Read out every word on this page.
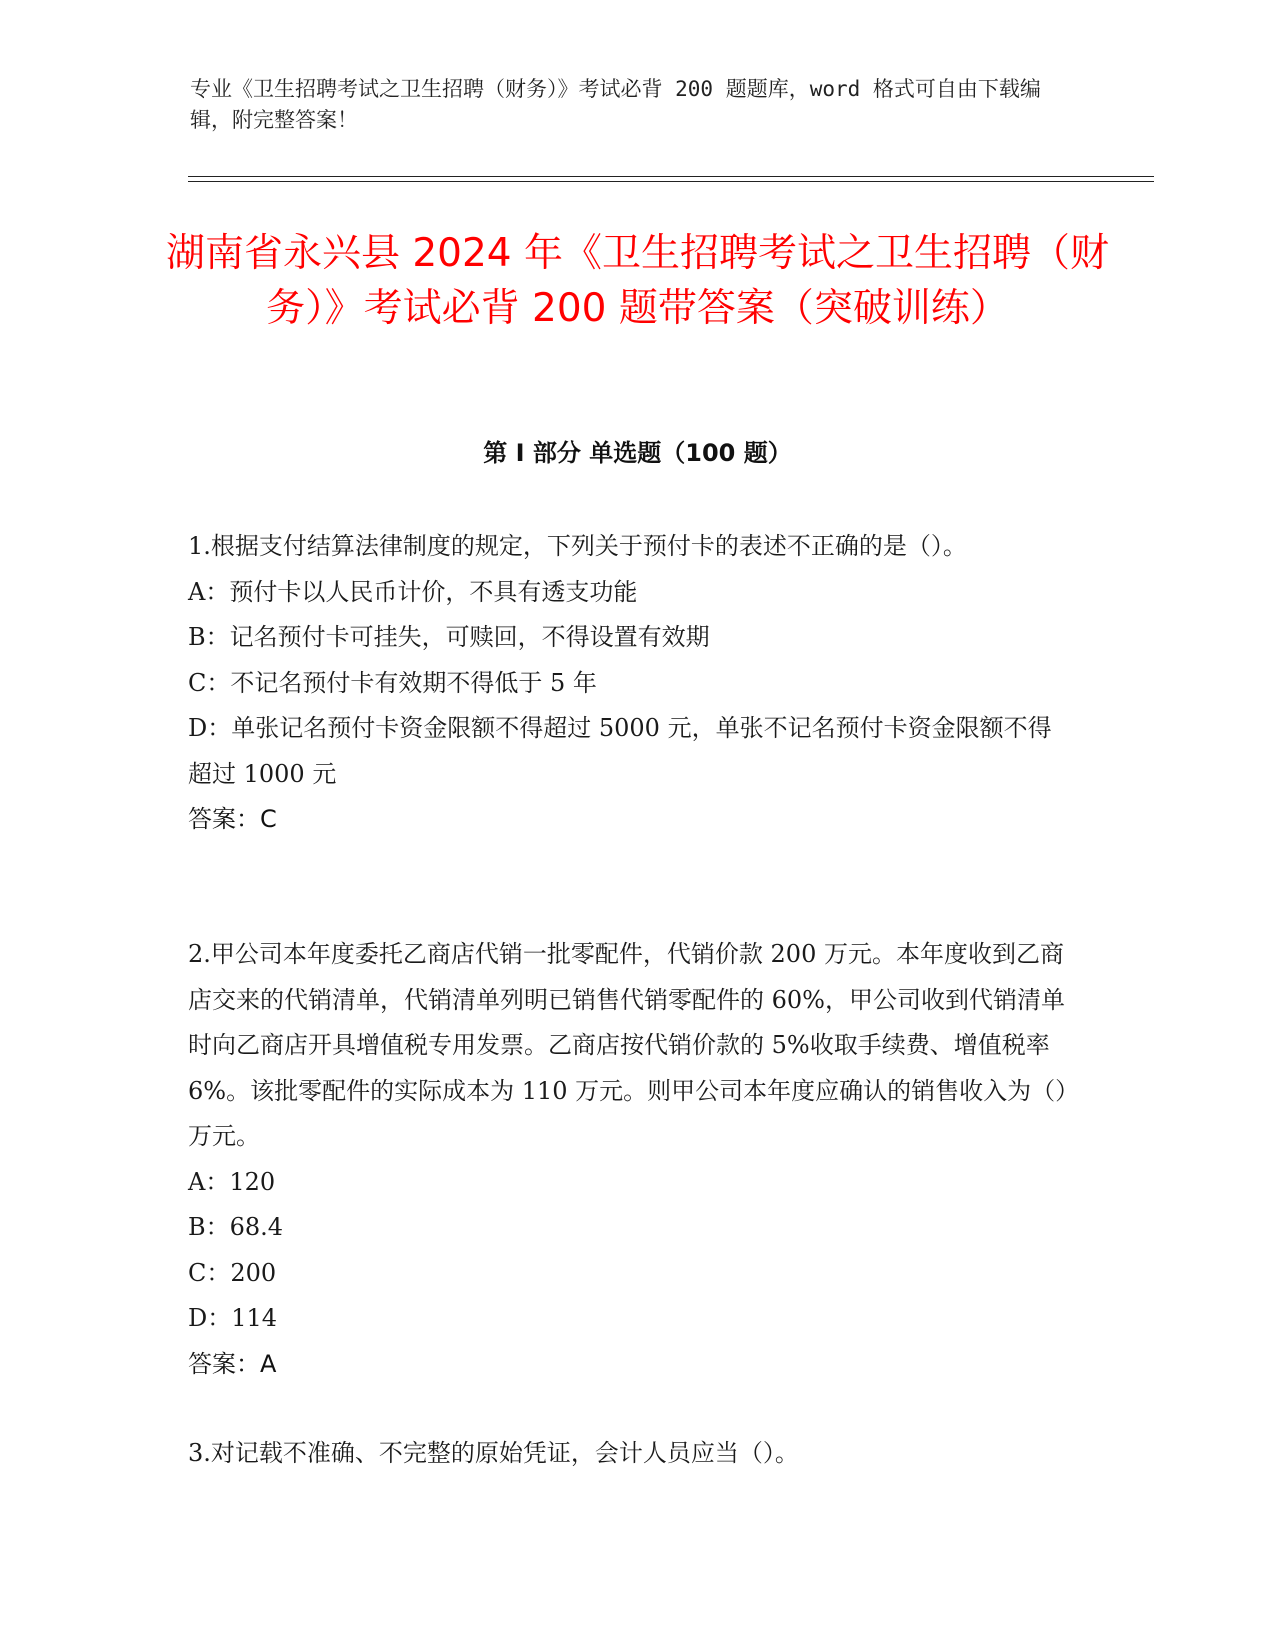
专业《卫生招聘考试之卫生招聘（财务）》考试必背 200 题题库，word 格式可自由下载编辑，附完整答案！
湖南省永兴县 2024 年《卫生招聘考试之卫生招聘（财务）》考试必背 200 题带答案（突破训练）
第 I 部分 单选题（100 题）

1.根据支付结算法律制度的规定，下列关于预付卡的表述不正确的是（）。

A：预付卡以人民币计价，不具有透支功能

B：记名预付卡可挂失，可赎回，不得设置有效期

C：不记名预付卡有效期不得低于 5 年

D：单张记名预付卡资金限额不得超过 5000 元，单张不记名预付卡资金限额不得超过 1000 元

答案：C

2.甲公司本年度委托乙商店代销一批零配件，代销价款 200 万元。本年度收到乙商店交来的代销清单，代销清单列明已销售代销零配件的 60%，甲公司收到代销清单时向乙商店开具增值税专用发票。乙商店按代销价款的 5%收取手续费、增值税率 6%。该批零配件的实际成本为 110 万元。则甲公司本年度应确认的销售收入为（）万元。

A：120

B：68.4

C：200

D：114

答案：A

3.对记载不准确、不完整的原始凭证，会计人员应当（）。
